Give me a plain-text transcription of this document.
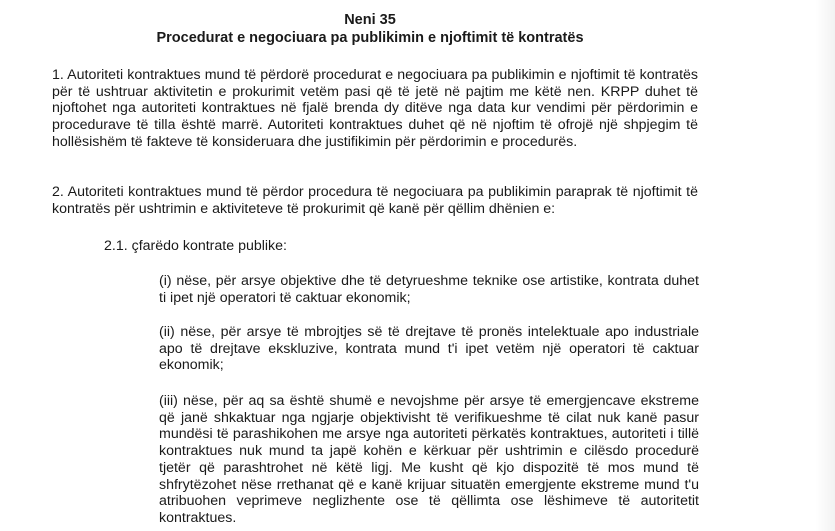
Neni 35
Procedurat e negociuara pa publikimin e njoftimit të kontratës
1. Autoriteti kontraktues mund të përdorë procedurat e negociuara pa publikimin e njoftimit të kontratës për të ushtruar aktivitetin e prokurimit vetëm pasi që të jetë në pajtim me këtë nen. KRPP duhet të njoftohet nga autoriteti kontraktues në fjalë brenda dy ditëve nga data kur vendimi për përdorimin e procedurave të tilla është marrë. Autoriteti kontraktues duhet që në njoftim të ofrojë një shpjegim të hollësishëm të fakteve të konsideruara dhe justifikimin për përdorimin e procedurës.
2. Autoriteti kontraktues mund të përdor procedura të negociuara pa publikimin paraprak të njoftimit të kontratës për ushtrimin e aktiviteteve të prokurimit që kanë për qëllim dhënien e:
2.1. çfarëdo kontrate publike:
(i) nëse, për arsye objektive dhe të detyrueshme teknike ose artistike, kontrata duhet ti ipet një operatori të caktuar ekonomik;
(ii) nëse, për arsye të mbrojtjes së të drejtave të pronës intelektuale apo industriale apo të drejtave ekskluzive, kontrata mund t'i ipet vetëm një operatori të caktuar ekonomik;
(iii) nëse, për aq sa është shumë e nevojshme për arsye të emergjencave ekstreme që janë shkaktuar nga ngjarje objektivisht të verifikueshme të cilat nuk kanë pasur mundësi të parashikohen me arsye nga autoriteti përkatës kontraktues, autoriteti i tillë kontraktues nuk mund ta japë kohën e kërkuar për ushtrimin e cilësdo procedurë tjetër që parashtrohet në këtë ligj. Me kusht që kjo dispozitë të mos mund të shfrytëzohet nëse rrethanat që e kanë krijuar situatën emergjente ekstreme mund t'u atribuohen veprimeve neglizhente ose të qëllimta ose lëshimeve të autoritetit kontraktues.
